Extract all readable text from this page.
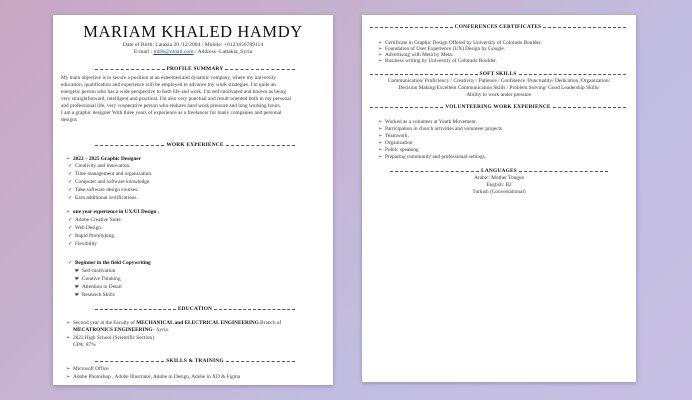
MARIAM KHALED HAMDY
Date of Birth: Latakia 20 /12/2004 / Mobile: +0123456789114
E-mail : ml66@email.com / Address -Lattakia_Syria
PROFILE SUMMARY
My main objective is to secure a position at an esteemed and dynamic company, where my university
education, qualification and experience will be employed to advance my work strategies. I'm quite an
energetic person who has a wide perspective to both life and work. I'm self-motivated and known as being
very straightforward, intelligent and practical. I'm also very punctual and result oriented both in my personal
and professional life, very cooperative person who endures hard work pressure and long working hours.
I am a graphic designer With three years of experience as a freelancer for many companies and personal
designs
WORK EXPERIENCE
➢ 2022 – 2025 Graphic Designer
✓ Creativity and innovation.
✓ Time management and organization.
✓ Computer and software knowledge.
✓ Take software design courses.
✓ Earn additional certifications.
➢ one year experience in UX/UI Design .
✓ Adobe Creative Suite.
✓ Web Design.
✓ Rapid Prototyping.
✓ Flexibility
✓ Beginner in the field Copywriting
☛ Self-motivation
☛ Creative Thinking
☛ Attention to Detail
☛ Research Skills
EDUCATION
➢ Second year at the Faculty of MECHANICAL and ELECTRICAL ENGINEERING Branch of
MECATRONICS ENGINEERING– Syria.
➢ 2022 High School (Scientific Section)
GPA: 87%
SKILLS & TRAINING
➢ Microsoft Office
➢ Adobe Photoshop , Adobe Illustrator, Adobe in Design, Adobe in XD & Figma
CONFERENCES CERTIFICATES
➢ Certificate in Graphic Design Offered by University of Colorado Boulder.
➢ Foundation of User Experience (UX) Design by Google.
➢ Advertising with Meta by Meta.
➢ Business writing by University of Colorado Boulder.
SOFT SKILLS
Communication/ Proficiency / Creativity / Patience / Confidence /Punctuality/ Dedication /Organization/
Decision Making/Excellent Communication Skills / Problem Solving/ Good Leadership Skills/
Ability to work under pressure
VOLUNTEERING WORK EXPERIENCE
➢ Worked as a volunteer at Youth Movement.
➢ Participation in church activities and volunteer projects
➢ Teamwork.
➢ Organization
➢ Public speaking
➢ Preparing community and professional settings.
LANGUAGES
Arabic: Mother Tongue
English: B2
Turkish (Conversational)
